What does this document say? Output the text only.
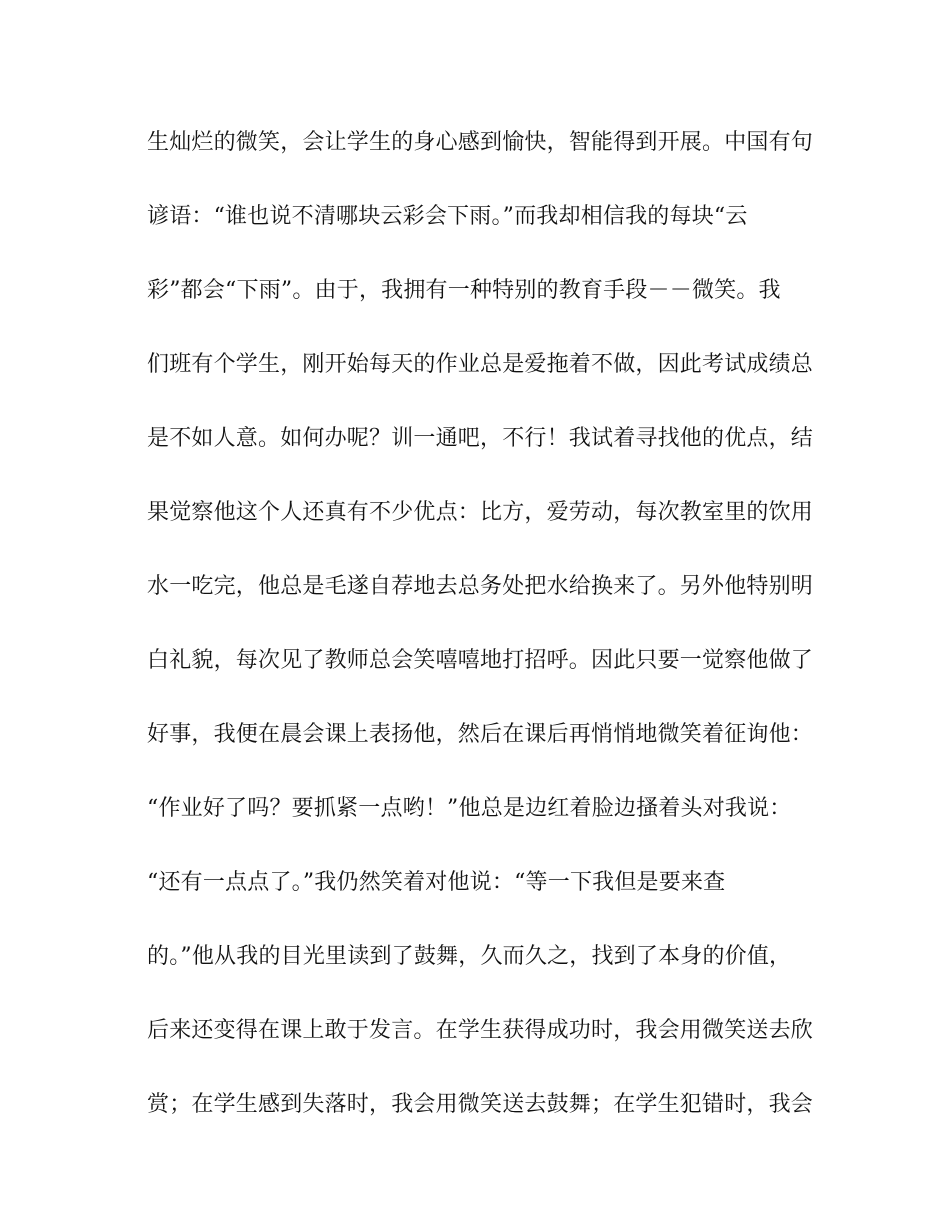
生灿烂的微笑，会让学生的身心感到愉快，智能得到开展。中国有句

谚语：“谁也说不清哪块云彩会下雨。”而我却相信我的每块“云

彩”都会“下雨”。由于，我拥有一种特别的教育手段－－微笑。我

们班有个学生，刚开始每天的作业总是爱拖着不做，因此考试成绩总

是不如人意。如何办呢？训一通吧，不行！我试着寻找他的优点，结

果觉察他这个人还真有不少优点：比方，爱劳动，每次教室里的饮用

水一吃完，他总是毛遂自荐地去总务处把水给换来了。另外他特别明

白礼貌，每次见了教师总会笑嘻嘻地打招呼。因此只要一觉察他做了

好事，我便在晨会课上表扬他，然后在课后再悄悄地微笑着征询他：

“作业好了吗？要抓紧一点哟！”他总是边红着脸边搔着头对我说：

“还有一点点了。”我仍然笑着对他说：“等一下我但是要来查

的。”他从我的目光里读到了鼓舞，久而久之，找到了本身的价值，

后来还变得在课上敢于发言。在学生获得成功时，我会用微笑送去欣

赏；在学生感到失落时，我会用微笑送去鼓舞；在学生犯错时，我会
